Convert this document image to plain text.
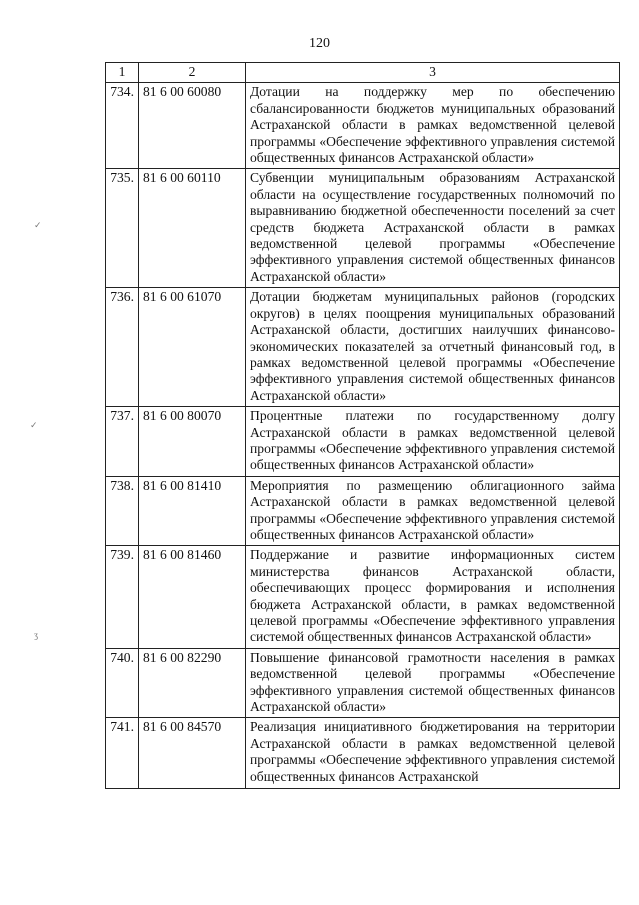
120
✓
✓
ʒ
1	2	3
734.	81 6 00 60080	Дотации на поддержку мер по обеспечению сбалансированности бюджетов муниципальных образований Астраханской области в рамках ведомственной целевой программы «Обеспечение эффективного управления системой общественных финансов Астраханской области»
735.	81 6 00 60110	Субвенции муниципальным образованиям Астраханской области на осуществление государственных полномочий по выравниванию бюджетной обеспеченности поселений за счет средств бюджета Астраханской области в рамках ведомственной целевой программы «Обеспечение эффективного управления системой общественных финансов Астраханской области»
736.	81 6 00 61070	Дотации бюджетам муниципальных районов (городских округов) в целях поощрения муниципальных образований Астраханской области, достигших наилучших финансово-экономических показателей за отчетный финансовый год, в рамках ведомственной целевой программы «Обеспечение эффективного управления системой общественных финансов Астраханской области»
737.	81 6 00 80070	Процентные платежи по государственному долгу Астраханской области в рамках ведомственной целевой программы «Обеспечение эффективного управления системой общественных финансов Астраханской области»
738.	81 6 00 81410	Мероприятия по размещению облигационного займа Астраханской области в рамках ведомственной целевой программы «Обеспечение эффективного управления системой общественных финансов Астраханской области»
739.	81 6 00 81460	Поддержание и развитие информационных систем министерства финансов Астраханской области, обеспечивающих процесс формирования и исполнения бюджета Астраханской области, в рамках ведомственной целевой программы «Обеспечение эффективного управления системой общественных финансов Астраханской области»
740.	81 6 00 82290	Повышение финансовой грамотности населения в рамках ведомственной целевой программы «Обеспечение эффективного управления системой общественных финансов Астраханской области»
741.	81 6 00 84570	Реализация инициативного бюджетирования на территории Астраханской области в рамках ведомственной целевой программы «Обеспечение эффективного управления системой общественных финансов Астраханской
